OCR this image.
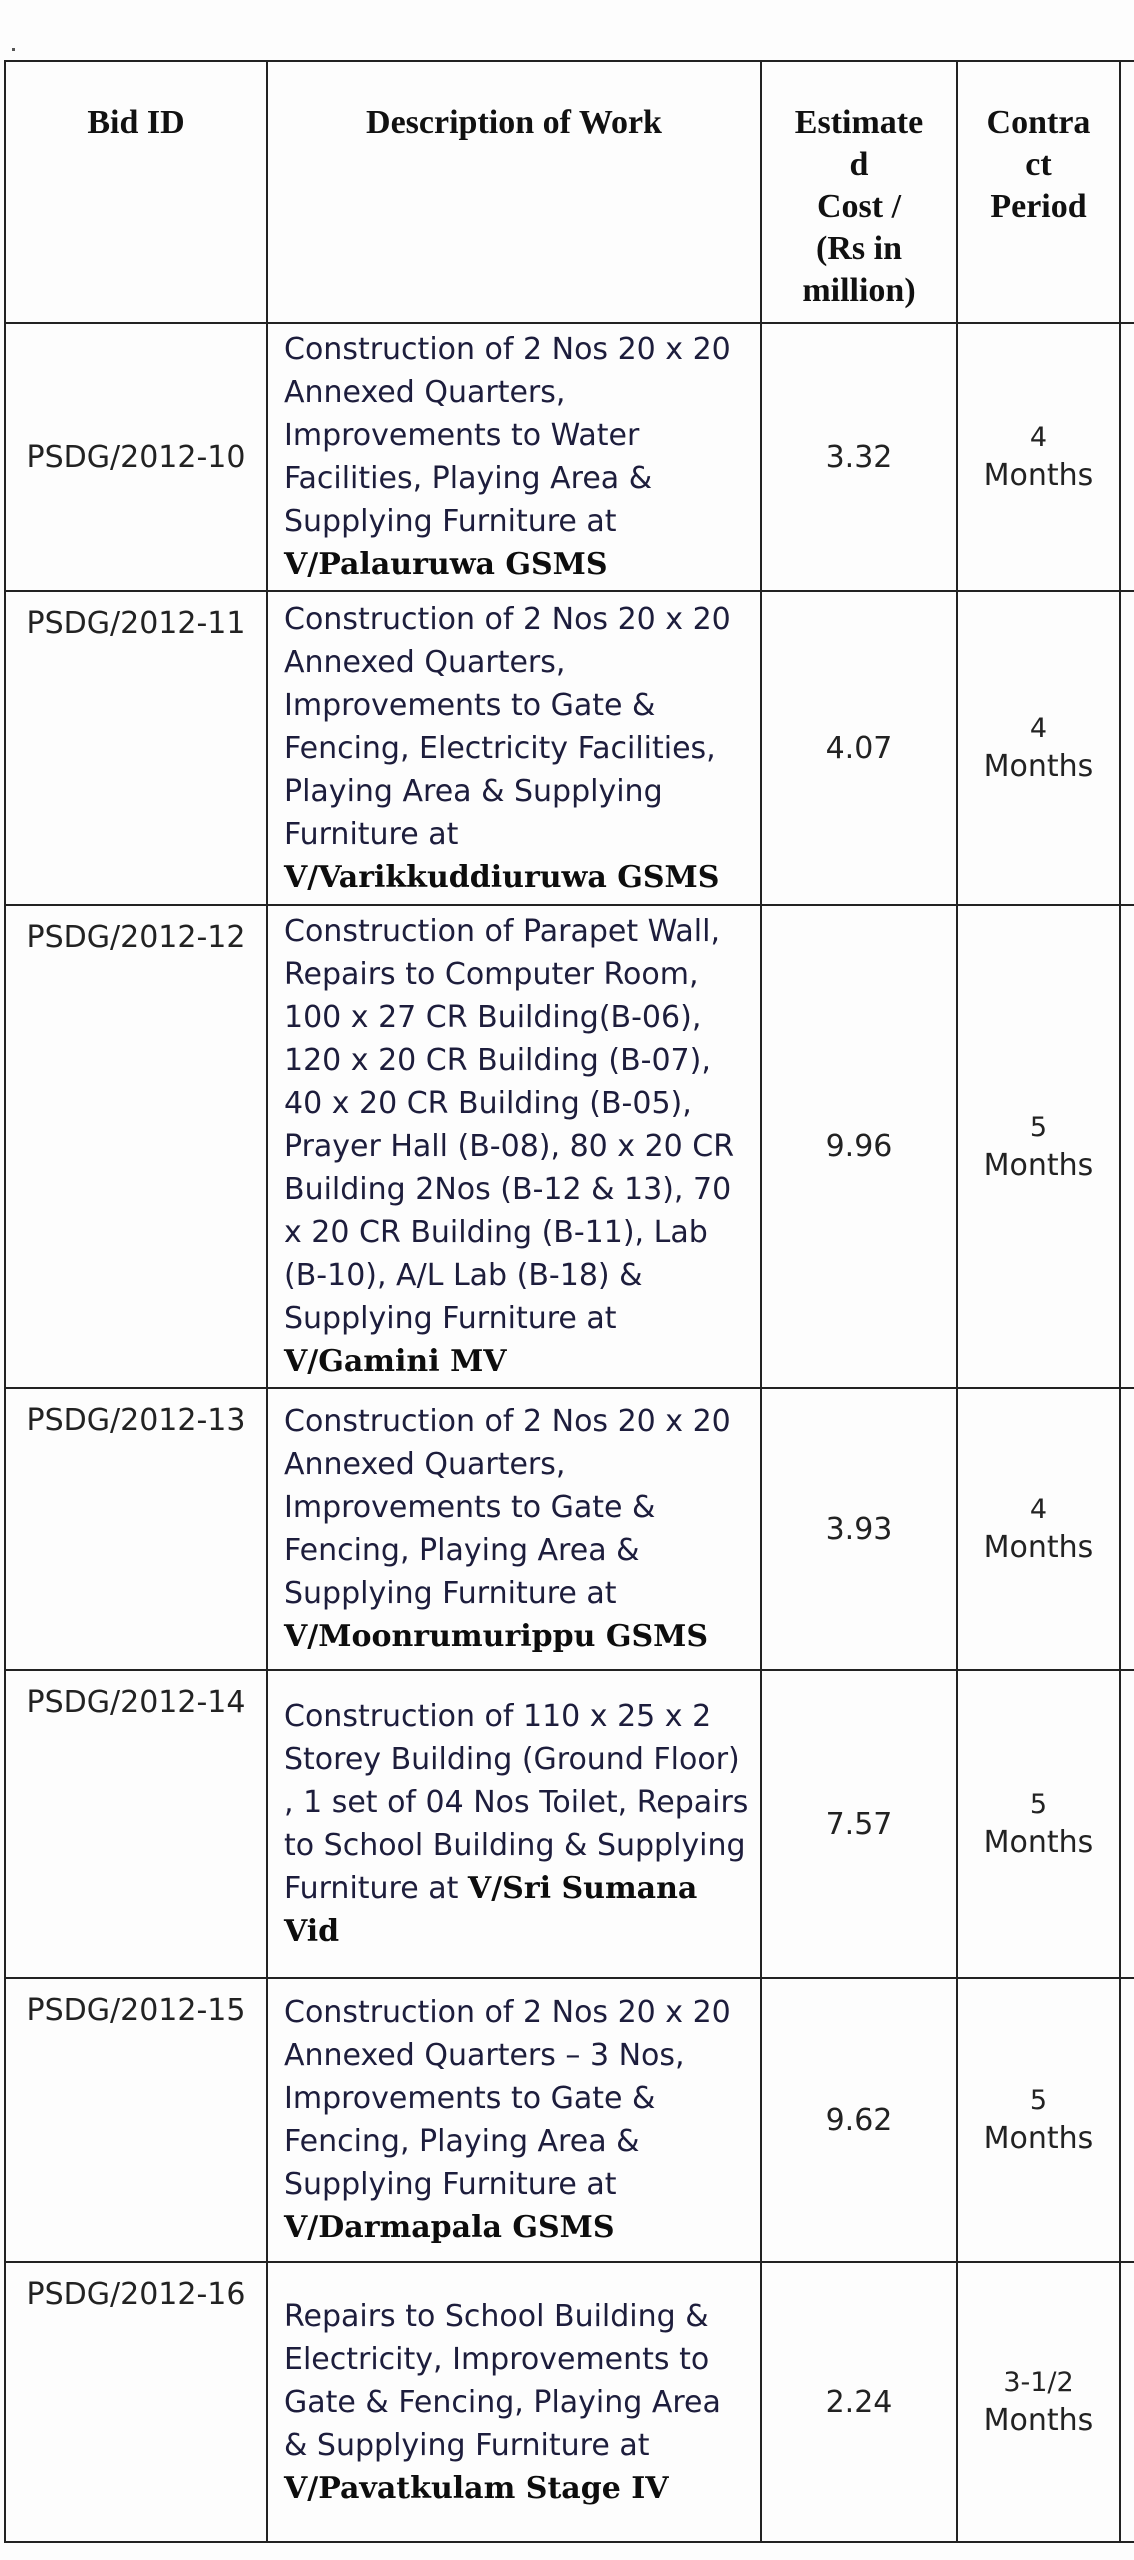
Bid ID	Description of Work	Estimate
d
Cost /
(Rs in
million)	Contra
ct
Period	
PSDG/2012-10	Construction of 2 Nos 20 x 20 Annexed Quarters, Improvements to Water Facilities, Playing Area & Supplying Furniture at V/Palauruwa GSMS	3.32	4
Months	

PSDG/2012-11	Construction of 2 Nos 20 x 20 Annexed Quarters, Improvements to Gate & Fencing, Electricity Facilities, Playing Area & Supplying Furniture at V/Varikkuddiuruwa GSMS	4.07	4
Months	

PSDG/2012-12	Construction of Parapet Wall, Repairs to Computer Room, 100 x 27 CR Building(B-06), 120 x 20 CR Building (B-07), 40 x 20 CR Building (B-05), Prayer Hall (B-08), 80 x 20 CR Building 2Nos (B-12 & 13), 70 x 20 CR Building (B-11), Lab (B-10), A/L Lab (B-18) & Supplying Furniture at V/Gamini MV	9.96	5
Months	

PSDG/2012-13	Construction of 2 Nos 20 x 20 Annexed Quarters, Improvements to Gate & Fencing, Playing Area & Supplying Furniture at V/Moonrumurippu GSMS	3.93	4
Months	

PSDG/2012-14	Construction of 110 x 25 x 2 Storey Building (Ground Floor) , 1 set of 04 Nos Toilet, Repairs to School Building & Supplying Furniture at V/Sri Sumana Vid	7.57	5
Months	

PSDG/2012-15	Construction of 2 Nos 20 x 20 Annexed Quarters – 3 Nos, Improvements to Gate & Fencing, Playing Area & Supplying Furniture at V/Darmapala GSMS	9.62	5
Months	

PSDG/2012-16	Repairs to School Building & Electricity, Improvements to Gate & Fencing, Playing Area & Supplying Furniture at V/Pavatkulam Stage IV	2.24	3-1/2
Months	
